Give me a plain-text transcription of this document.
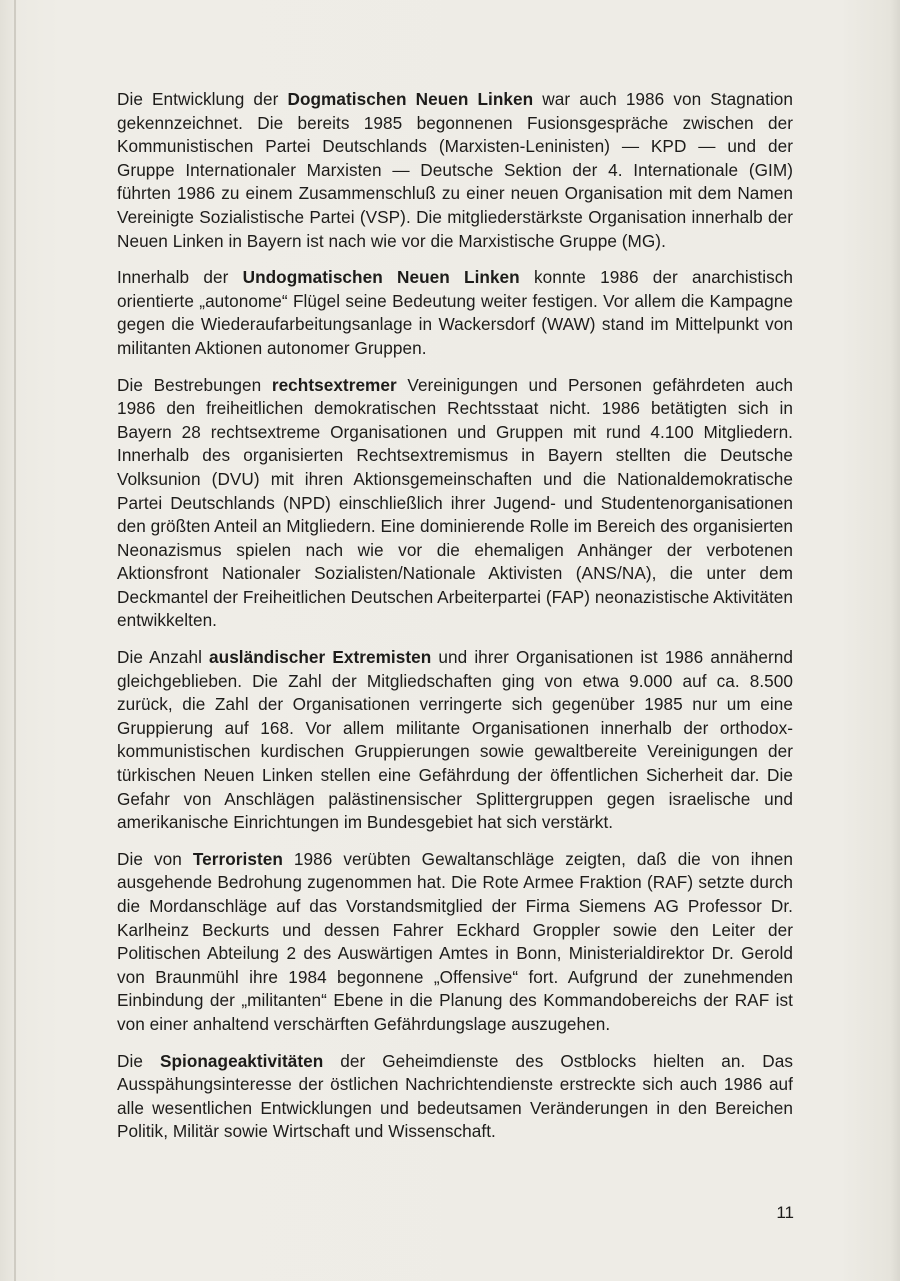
Die Entwicklung der Dogmatischen Neuen Linken war auch 1986 von Stagnation gekennzeichnet. Die bereits 1985 begonnenen Fusionsgespräche zwischen der Kommunistischen Partei Deutschlands (Marxisten-Leninisten) — KPD — und der Gruppe Internationaler Marxisten — Deutsche Sektion der 4. Internationale (GIM) führten 1986 zu einem Zusammenschluß zu einer neuen Organisation mit dem Namen Vereinigte Sozialistische Partei (VSP). Die mitgliederstärkste Organisation innerhalb der Neuen Linken in Bayern ist nach wie vor die Marxistische Gruppe (MG).

Innerhalb der Undogmatischen Neuen Linken konnte 1986 der anarchistisch orientierte „autonome“ Flügel seine Bedeutung weiter festigen. Vor allem die Kampagne gegen die Wiederaufarbeitungsanlage in Wackersdorf (WAW) stand im Mittelpunkt von militanten Aktionen autonomer Gruppen.

Die Bestrebungen rechtsextremer Vereinigungen und Personen gefährdeten auch 1986 den freiheitlichen demokratischen Rechtsstaat nicht. 1986 betätigten sich in Bayern 28 rechtsextreme Organisationen und Gruppen mit rund 4.100 Mitgliedern. Innerhalb des organisierten Rechtsextremismus in Bayern stellten die Deutsche Volksunion (DVU) mit ihren Aktionsgemeinschaften und die Nationaldemokratische Partei Deutschlands (NPD) einschließlich ihrer Jugend- und Studentenorganisationen den größten Anteil an Mitgliedern. Eine dominierende Rolle im Bereich des organisierten Neonazismus spielen nach wie vor die ehemaligen Anhänger der verbotenen Aktionsfront Nationaler Sozialisten/Nationale Aktivisten (ANS/NA), die unter dem Deckmantel der Freiheitlichen Deutschen Arbeiterpartei (FAP) neonazistische Aktivitäten entwikkelten.

Die Anzahl ausländischer Extremisten und ihrer Organisationen ist 1986 annähernd gleichgeblieben. Die Zahl der Mitgliedschaften ging von etwa 9.000 auf ca. 8.500 zurück, die Zahl der Organisationen verringerte sich gegenüber 1985 nur um eine Gruppierung auf 168. Vor allem militante Organisationen innerhalb der orthodox-kommunistischen kurdischen Gruppierungen sowie gewaltbereite Vereinigungen der türkischen Neuen Linken stellen eine Gefährdung der öffentlichen Sicherheit dar. Die Gefahr von Anschlägen palästinensischer Splittergruppen gegen israelische und amerikanische Einrichtungen im Bundesgebiet hat sich verstärkt.

Die von Terroristen 1986 verübten Gewaltanschläge zeigten, daß die von ihnen ausgehende Bedrohung zugenommen hat. Die Rote Armee Fraktion (RAF) setzte durch die Mordanschläge auf das Vorstandsmitglied der Firma Siemens AG Professor Dr. Karlheinz Beckurts und dessen Fahrer Eckhard Groppler sowie den Leiter der Politischen Abteilung 2 des Auswärtigen Amtes in Bonn, Ministerialdirektor Dr. Gerold von Braunmühl ihre 1984 begonnene „Offensive“ fort. Aufgrund der zunehmenden Einbindung der „militanten“ Ebene in die Planung des Kommandobereichs der RAF ist von einer anhaltend verschärften Gefährdungslage auszugehen.

Die Spionageaktivitäten der Geheimdienste des Ostblocks hielten an. Das Ausspähungsinteresse der östlichen Nachrichtendienste erstreckte sich auch 1986 auf alle wesentlichen Entwicklungen und bedeutsamen Veränderungen in den Bereichen Politik, Militär sowie Wirtschaft und Wissenschaft.

11
